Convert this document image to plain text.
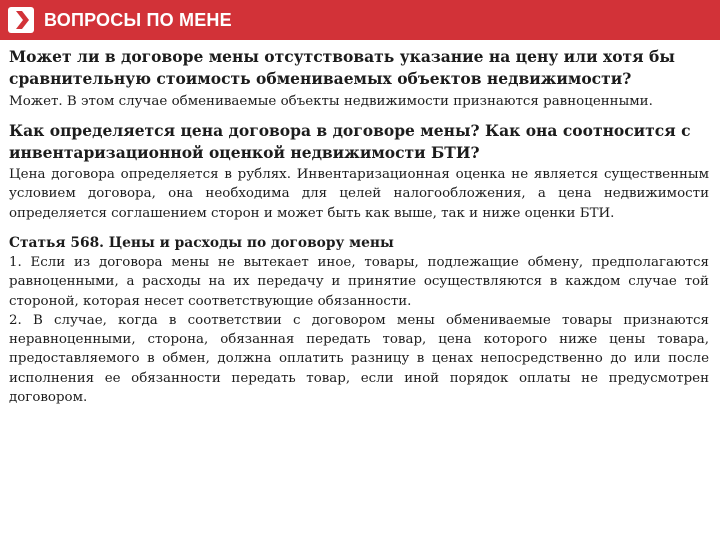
ВОПРОСЫ ПО МЕНЕ

Может ли в договоре мены отсутствовать указание на цену или хотя бы сравнительную стоимость обмениваемых объектов недвижимости?

Может. В этом случае обмениваемые объекты недвижимости признаются равноценными.

Как определяется цена договора в договоре мены? Как она соотносится с инвентаризационной оценкой недвижимости БТИ?

Цена договора определяется в рублях. Инвентаризационная оценка не является существенным условием договора, она необходима для целей налогообложения, а цена недвижимости определяется соглашением сторон и может быть как выше, так и ниже оценки БТИ.

Статья 568. Цены и расходы по договору мены

1. Если из договора мены не вытекает иное, товары, подлежащие обмену, предполагаются равноценными, а расходы на их передачу и принятие осуществляются в каждом случае той стороной, которая несет соответствующие обязанности.

2. В случае, когда в соответствии с договором мены обмениваемые товары признаются неравноценными, сторона, обязанная передать товар, цена которого ниже цены товара, предоставляемого в обмен, должна оплатить разницу в ценах непосредственно до или после исполнения ее обязанности передать товар, если иной порядок оплаты не предусмотрен договором.
